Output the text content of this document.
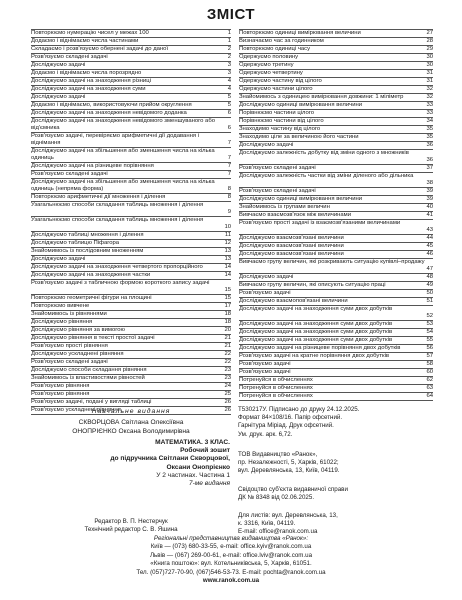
ЗМІСТ
Повторюємо нумерацію чисел у межах 100	1
Додаємо і віднімаємо числа частинами	1
Складаємо і розв'язуємо обернені задачі до даної	2
Розв'язуємо складені задачі	2
Досліджуємо задачі	3
Додаємо і віднімаємо числа порозрядно	3
Досліджуємо задачі на знаходження різниці	4
Досліджуємо задачі на знаходження суми	4
Досліджуємо задачі	5
Додаємо і віднімаємо, використовуючи прийом округлення	5
Досліджуємо задачі на знаходження невідомого доданка	6
Досліджуємо задачі на знаходження невідомого зменшуваного або від'ємника	6
Розв'язуємо задачі, перевіряємо арифметичні дії додавання і віднімання	7
Досліджуємо задачі на збільшення або зменшення числа на кілька одиниць	7
Досліджуємо задачі на різницеве порівняння	7
Розв'язуємо складені задачі	7
Досліджуємо задачі на збільшення або зменшення числа на кілька одиниць (непряма форма)	8
Повторюємо арифметичні дії множення і ділення	8
Узагальнюємо способи складання таблиць множення і ділення
9
Узагальнюємо способи складання таблиць множення і ділення
10
Досліджуємо таблиці множення і ділення	11
Досліджуємо таблицю Піфагора	12
Знайомимось із послідовним множенням	13
Досліджуємо задачі	13
Досліджуємо задачі на знаходження четвертого пропорційного	14
Досліджуємо задачі на знаходження частки	14
Розв'язуємо задачі з табличною формою короткого запису задачі
15
Повторюємо геометричні фігури на площині	15
Повторюємо вивчене	17
Знайомимось із рівняннями	18
Досліджуємо рівняння	18
Досліджуємо рівняння за вимогою	20
Досліджуємо рівняння в тексті простої задачі	21
Розв'язуємо прості рівняння	21
Досліджуємо ускладнені рівняння	22
Розв'язуємо складені задачі	22
Досліджуємо способи складання рівняння	23
Знайомимось із властивостями рівностей	23
Розв'язуємо рівняння	24
Розв'язуємо рівняння	25
Розв'язуємо задачі, подані у вигляді таблиці	26
Розв'язуємо ускладнені рівняння	26
Повторюємо одиниці вимірювання величини	27
Визначаємо час за годинником	28
Повторюємо одиниці часу	29
Одержуємо половину	30
Одержуємо третину	30
Одержуємо четвертину	31
Одержуємо частину від цілого	31
Одержуємо частини цілого	32
Знайомимось з одиницею вимірювання довжини: 1 міліметр	32
Досліджуємо одиниці вимірювання величини	33
Порівнюємо частини цілого	33
Порівнюємо частини від цілого	34
Знаходимо частину від цілого	35
Знаходимо ціле за величиною його частини	35
Досліджуємо задачі	36
Досліджуємо залежність добутку від зміни одного з множників
36
Розв'язуємо складені задачі	37
Досліджуємо залежність частки від зміни діленого або дільника
38
Розв'язуємо складені задачі	39
Досліджуємо одиниці вимірювання величини	39
Знайомимось із групами величин	40
Вивчаємо взаємозв'язок між величинами	41
Розв'язуємо прості задачі із взаємозв'язаними величинами
43
Досліджуємо взаємозв'язані величини	44
Досліджуємо взаємозв'язані величини	45
Досліджуємо взаємозв'язані величини	46
Вивчаємо групу величин, які розкривають ситуацію купівлі–продажу
47
Досліджуємо задачі	48
Вивчаємо групу величин, які описують ситуацію праці	49
Розв'язуємо задачі	50
Досліджуємо взаємопов'язані величини	51
Досліджуємо задачі на знаходження суми двох добутків
52
Досліджуємо задачі на знаходження суми двох добутків	53
Досліджуємо задачі на знаходження суми двох добутків	54
Досліджуємо задачі на знаходження суми двох добутків	55
Досліджуємо задачі на різницеве порівняння двох добутків	56
Розв'язуємо задачі на кратне порівняння двох добутків	57
Розв'язуємо задачі	58
Розв'язуємо задачі	60
Потренуйся в обчисленнях	62
Потренуйся в обчисленнях	63
Потренуйся в обчисленнях	64
Навчальне видання
СКВОРЦОВА Світлана Олексіївна
ОНОПРІЄНКО Оксана Володимирівна
МАТЕМАТИКА. 3 КЛАС.
Робочий зошит
до підручника Світлани Скворцової,
Оксани Онопрієнко
У 2 частинах. Частина 1
7-ме видання
Редактор В. П. Нестерчук
Технічний редактор С. В. Яшина
Т530217У. Підписано до друку 24.12.2025.
Формат 84×108/16. Папір офсетний.
Гарнітура Мірiад. Друк офсетний.
Ум. друк. арк. 6,72.
ТОВ Видавництво «Ранок»,
пр. Незалежності, 5, Харків, 61022;
вул. Деревлянська, 13, Київ, 04119.
Свідоцтво суб'єкта видавничої справи
ДК № 8348 від 02.06.2025.
Для листів: вул. Деревлянська, 13,
к. 3316, Київ, 04119.
E-mail: office@ranok.com.ua
Регіональні представництва видавництва «Ранок»:
Київ — (073) 680-33-55, e-mail: office.kyiv@ranok.com.ua
Львів — (067) 269-00-61, e-mail: office.lviv@ranok.com.ua
«Книга поштою»: вул. Котельниківська, 5, Харків, 61051.
Тел. (057)727-70-90, (067)546-53-73. E-mail: pochta@ranok.com.ua
www.ranok.com.ua
